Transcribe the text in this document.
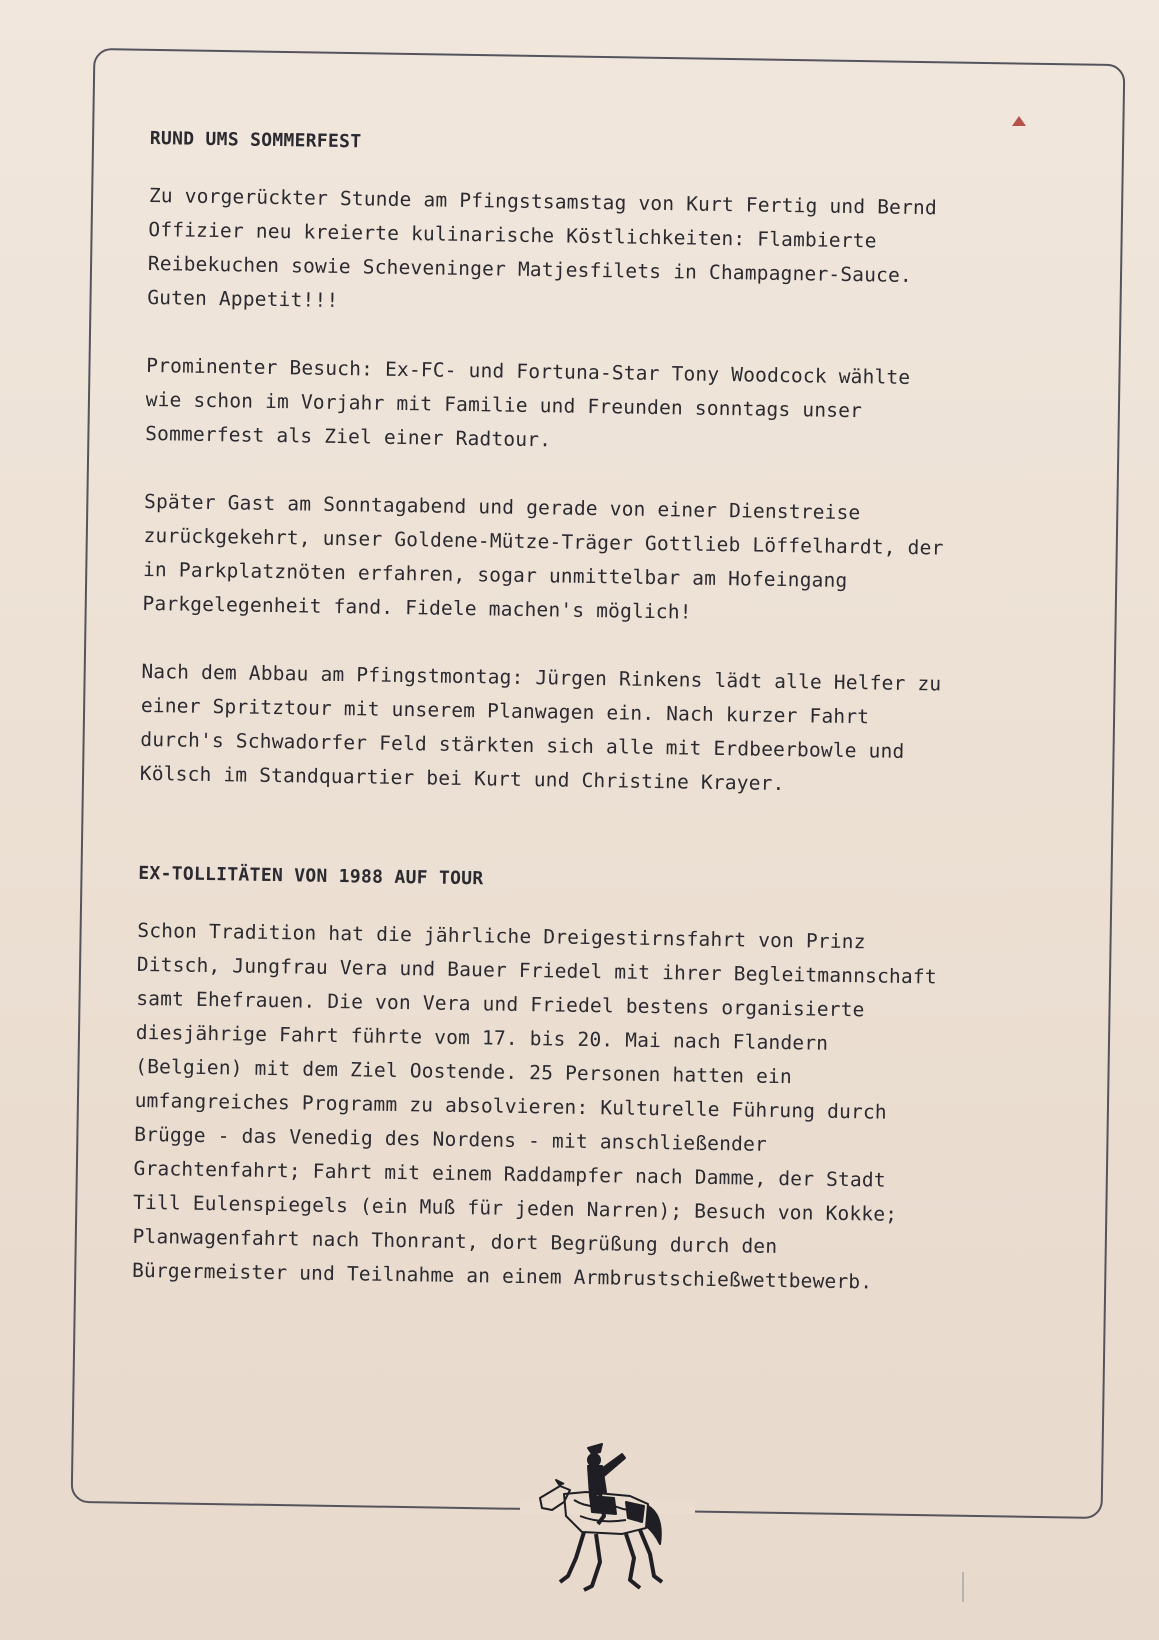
RUND UMS SOMMERFEST
Zu vorgerückter Stunde am Pfingstsamstag von Kurt Fertig und Bernd
Offizier neu kreierte kulinarische Köstlichkeiten: Flambierte
Reibekuchen sowie Scheveninger Matjesfilets in Champagner-Sauce.
Guten Appetit!!!
Prominenter Besuch: Ex-FC- und Fortuna-Star Tony Woodcock wählte
wie schon im Vorjahr mit Familie und Freunden sonntags unser
Sommerfest als Ziel einer Radtour.
Später Gast am Sonntagabend und gerade von einer Dienstreise
zurückgekehrt, unser Goldene-Mütze-Träger Gottlieb Löffelhardt, der
in Parkplatznöten erfahren, sogar unmittelbar am Hofeingang
Parkgelegenheit fand. Fidele machen's möglich!
Nach dem Abbau am Pfingstmontag: Jürgen Rinkens lädt alle Helfer zu
einer Spritztour mit unserem Planwagen ein. Nach kurzer Fahrt
durch's Schwadorfer Feld stärkten sich alle mit Erdbeerbowle und
Kölsch im Standquartier bei Kurt und Christine Krayer.
EX-TOLLITÄTEN VON 1988 AUF TOUR
Schon Tradition hat die jährliche Dreigestirnsfahrt von Prinz
Ditsch, Jungfrau Vera und Bauer Friedel mit ihrer Begleitmannschaft
samt Ehefrauen. Die von Vera und Friedel bestens organisierte
diesjährige Fahrt führte vom 17. bis 20. Mai nach Flandern
(Belgien) mit dem Ziel Oostende. 25 Personen hatten ein
umfangreiches Programm zu absolvieren: Kulturelle Führung durch
Brügge - das Venedig des Nordens - mit anschließender
Grachtenfahrt; Fahrt mit einem Raddampfer nach Damme, der Stadt
Till Eulenspiegels (ein Muß für jeden Narren); Besuch von Kokke;
Planwagenfahrt nach Thonrant, dort Begrüßung durch den
Bürgermeister und Teilnahme an einem Armbrustschießwettbewerb.
